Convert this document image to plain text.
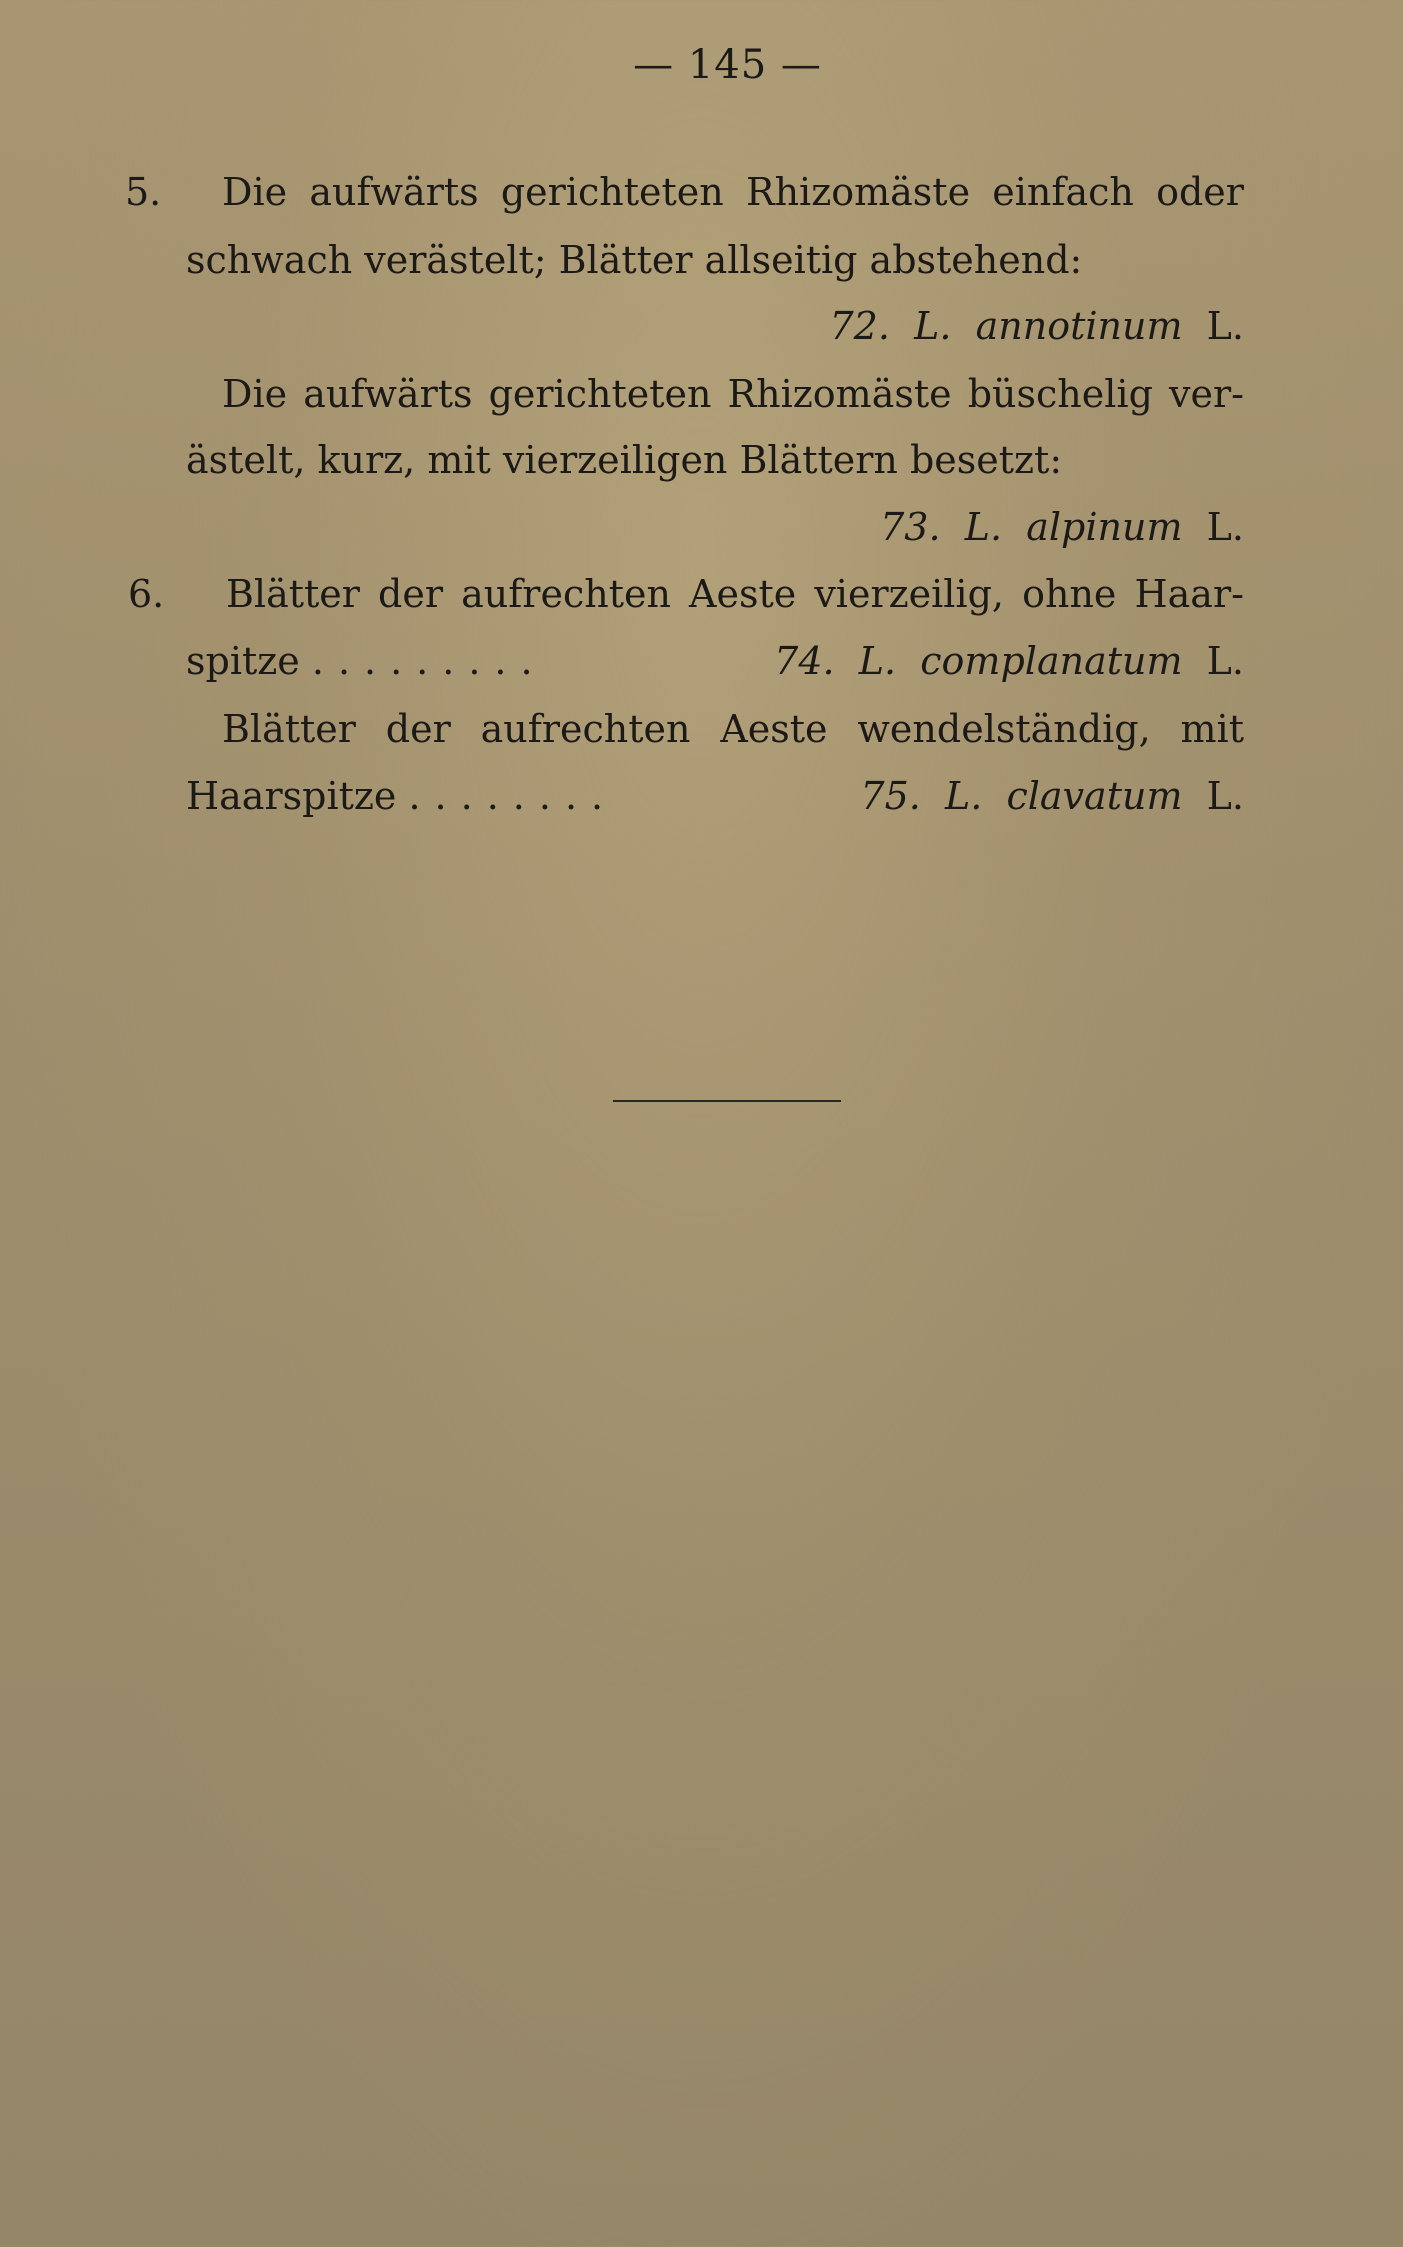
— 145 —
5. Die aufwärts gerichteten Rhizomäste einfach oder
schwach verästelt; Blätter allseitig abstehend:
72. L. annotinum L.
Die aufwärts gerichteten Rhizomäste büschelig ver-
ästelt, kurz, mit vierzeiligen Blättern besetzt:
73. L. alpinum L.
6. Blätter der aufrechten Aeste vierzeilig, ohne Haar-
spitze .........	74. L. complanatum L.
Blätter der aufrechten Aeste wendelständig, mit
Haarspitze ........	75. L. clavatum L.
